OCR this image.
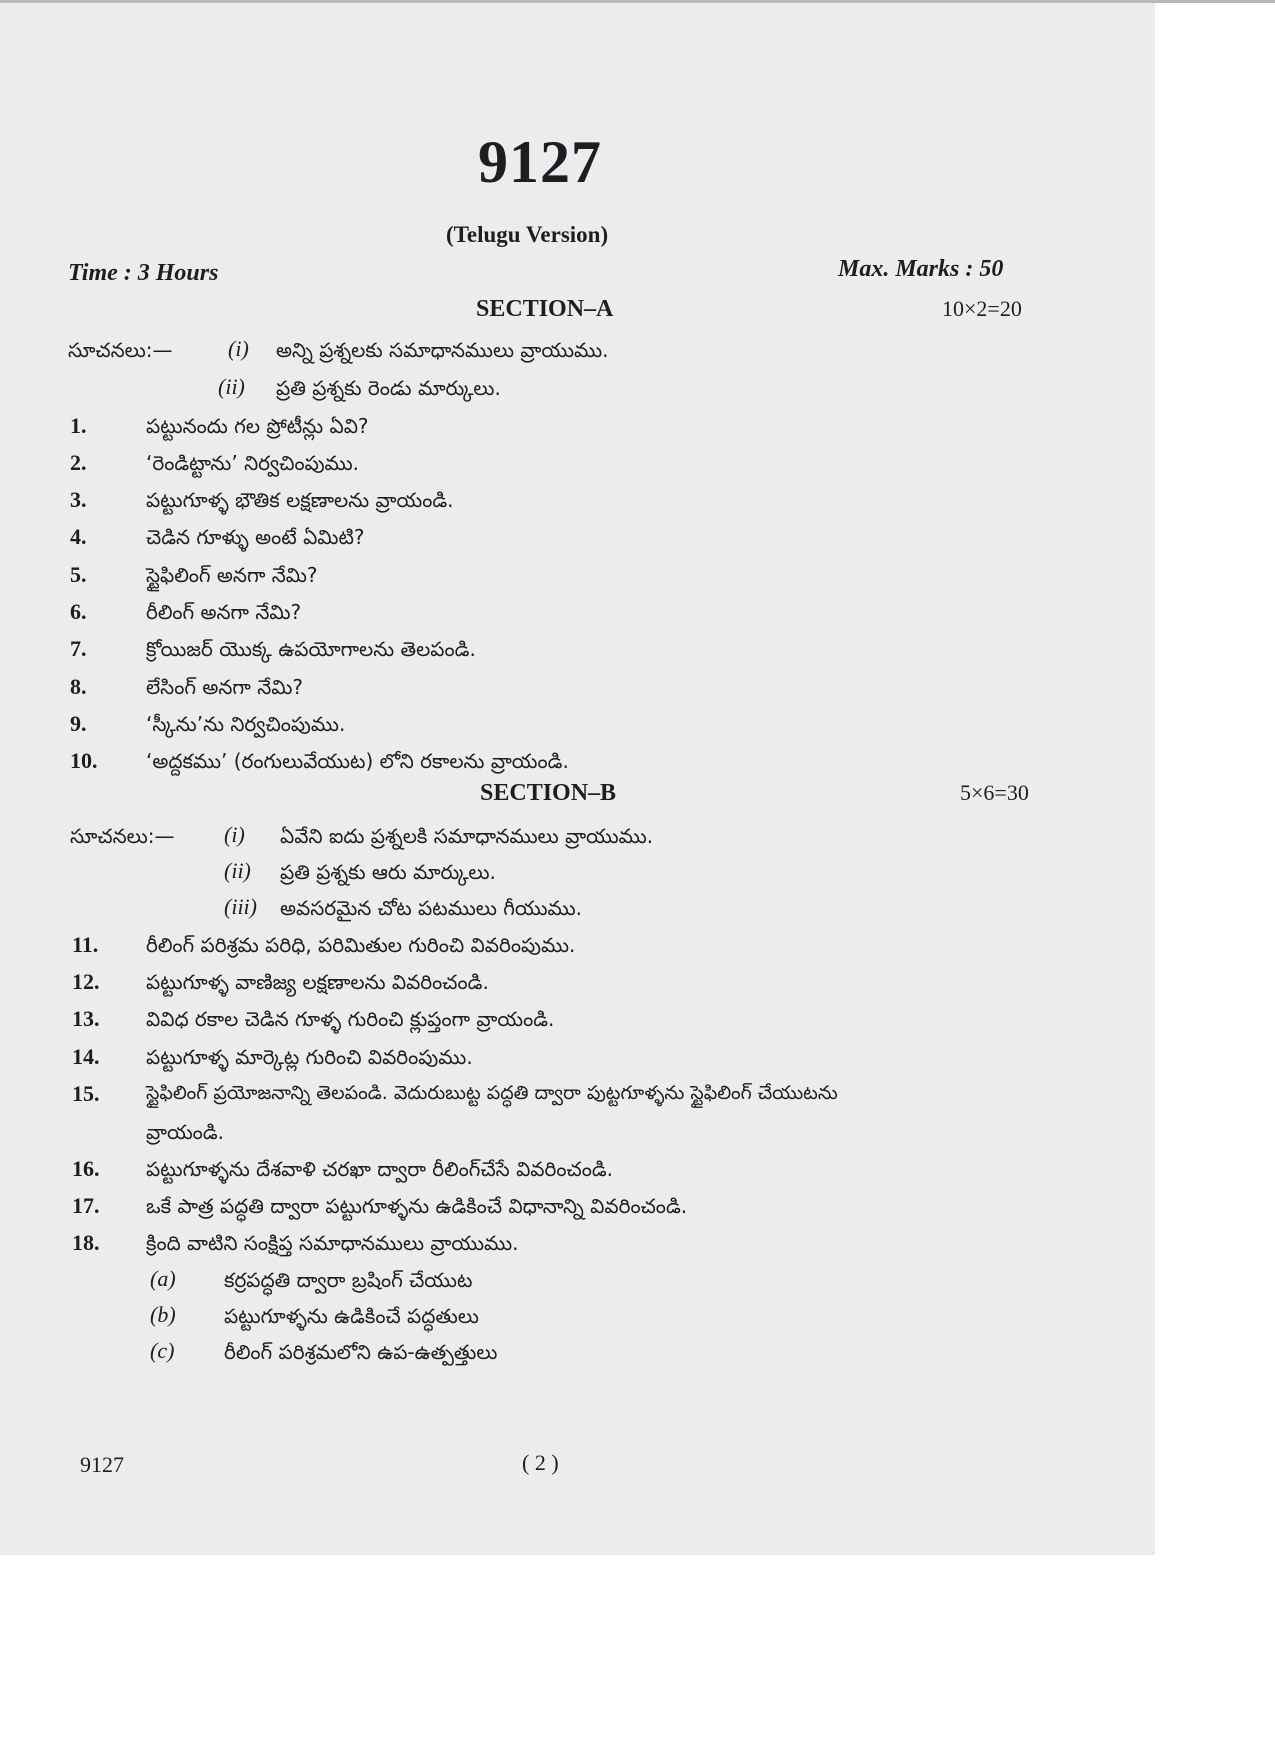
9127
(Telugu Version)
Time : 3 Hours	Max. Marks : 50
SECTION–A	10×2=20
సూచనలు:—	(i) అన్ని ప్రశ్నలకు సమాధానములు వ్రాయుము.
(ii) ప్రతి ప్రశ్నకు రెండు మార్కులు.
1.	పట్టునందు గల ప్రోటీన్లు ఏవి?
2.	‘రెండిట్టాను’ నిర్వచింపుము.
3.	పట్టుగూళ్ళ భౌతిక లక్షణాలను వ్రాయండి.
4.	చెడిన గూళ్ళు అంటే ఏమిటి?
5.	స్టైఫిలింగ్ అనగా నేమి?
6.	రీలింగ్ అనగా నేమి?
7.	క్రోయిజర్ యొక్క ఉపయోగాలను తెలపండి.
8.	లేసింగ్ అనగా నేమి?
9.	‘స్కీను’ను నిర్వచింపుము.
10. ‘అద్దకము’ (రంగులువేయుట) లోని రకాలను వ్రాయండి.
SECTION–B	5×6=30
సూచనలు:— (i) ఏవేని ఐదు ప్రశ్నలకి సమాధానములు వ్రాయుము.
(ii) ప్రతి ప్రశ్నకు ఆరు మార్కులు.
(iii) అవసరమైన చోట పటములు గీయుము.
11. రీలింగ్ పరిశ్రమ పరిధి, పరిమితుల గురించి వివరింపుము.
12. పట్టుగూళ్ళ వాణిజ్య లక్షణాలను వివరించండి.
13. వివిధ రకాల చెడిన గూళ్ళ గురించి క్లుప్తంగా వ్రాయండి.
14. పట్టుగూళ్ళ మార్కెట్ల గురించి వివరింపుము.
15. స్టైఫిలింగ్ ప్రయోజనాన్ని తెలపండి. వెదురుబుట్ట పద్ధతి ద్వారా పుట్టగూళ్ళను స్టైఫిలింగ్ చేయుటను
వ్రాయండి.
16. పట్టుగూళ్ళను దేశవాళి చరఖా ద్వారా రీలింగ్‌చేసే వివరించండి.
17. ఒకే పాత్ర పద్ధతి ద్వారా పట్టుగూళ్ళను ఉడికించే విధానాన్ని వివరించండి.
18. క్రింది వాటిని సంక్షిప్త సమాధానములు వ్రాయుము.
(a) కర్రపద్ధతి ద్వారా బ్రషింగ్ చేయుట
(b) పట్టుగూళ్ళను ఉడికించే పద్ధతులు
(c) రీలింగ్ పరిశ్రమలోని ఉప-ఉత్పత్తులు
9127	( 2 )
